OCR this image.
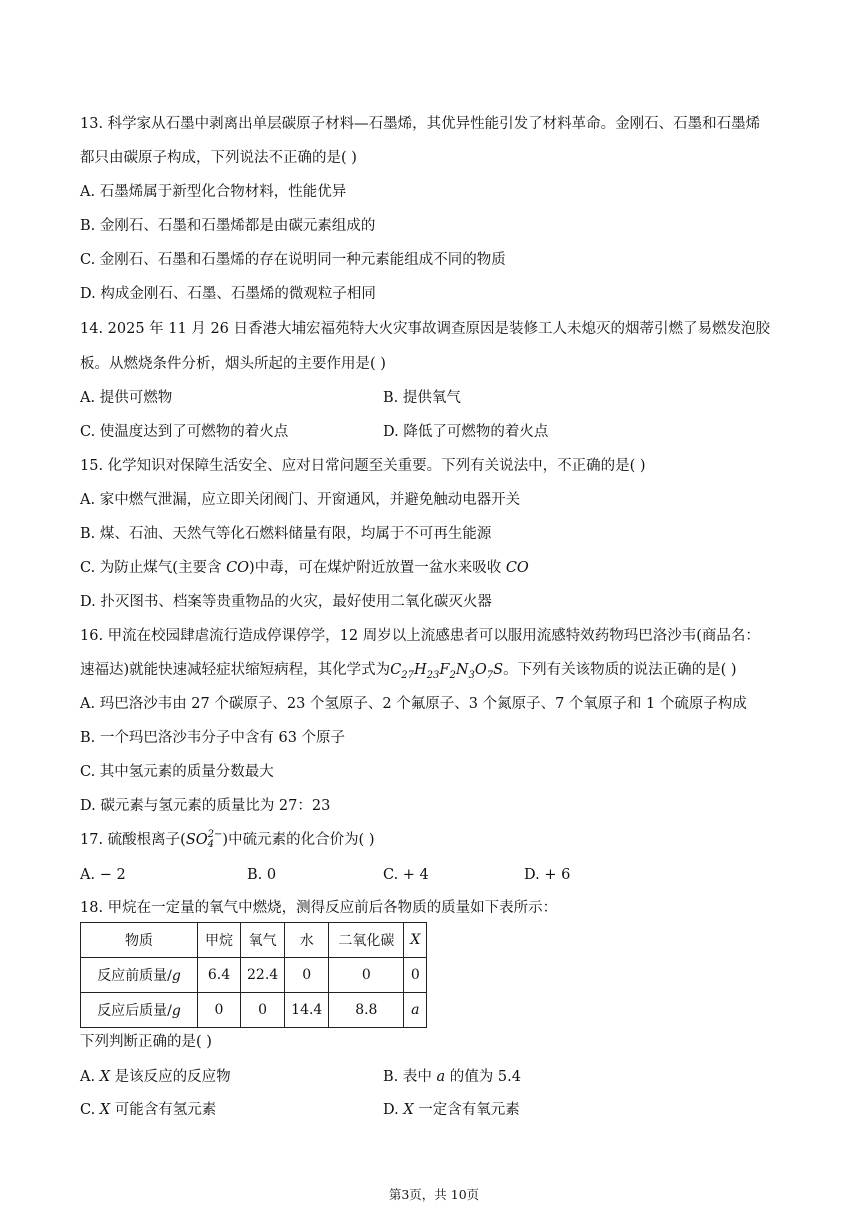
13. 科学家从石墨中剥离出单层碳原子材料—石墨烯，其优异性能引发了材料革命。金刚石、石墨和石墨烯
都只由碳原子构成，下列说法不正确的是( )
A. 石墨烯属于新型化合物材料，性能优异
B. 金刚石、石墨和石墨烯都是由碳元素组成的
C. 金刚石、石墨和石墨烯的存在说明同一种元素能组成不同的物质
D. 构成金刚石、石墨、石墨烯的微观粒子相同
14. 2025 年 11 月 26 日香港大埔宏福苑特大火灾事故调查原因是装修工人未熄灭的烟蒂引燃了易燃发泡胶
板。从燃烧条件分析，烟头所起的主要作用是( )
A. 提供可燃物	B. 提供氧气
C. 使温度达到了可燃物的着火点	D. 降低了可燃物的着火点
15. 化学知识对保障生活安全、应对日常问题至关重要。下列有关说法中，不正确的是( )
A. 家中燃气泄漏，应立即关闭阀门、开窗通风，并避免触动电器开关
B. 煤、石油、天然气等化石燃料储量有限，均属于不可再生能源
C. 为防止煤气(主要含 CO)中毒，可在煤炉附近放置一盆水来吸收 CO
D. 扑灭图书、档案等贵重物品的火灾，最好使用二氧化碳灭火器
16. 甲流在校园肆虐流行造成停课停学，12 周岁以上流感患者可以服用流感特效药物玛巴洛沙韦(商品名：
速福达)就能快速减轻症状缩短病程，其化学式为$C_{27}H_{23}F_2N_3O_7S$。下列有关该物质的说法正确的是( )
A. 玛巴洛沙韦由 27 个碳原子、23 个氢原子、2 个氟原子、3 个氮原子、7 个氧原子和 1 个硫原子构成
B. 一个玛巴洛沙韦分子中含有 63 个原子
C. 其中氢元素的质量分数最大
D. 碳元素与氢元素的质量比为 27：23
17. 硫酸根离子(SO 2−
4 )中硫元素的化合价为( )
A. − 2	B. 0	C. + 4	D. + 6
18. 甲烷在一定量的氧气中燃烧，测得反应前后各物质的质量如下表所示：
物质	甲烷	氧气	水	二氧化碳	X
反应前质量/g	6.4	22.4	0	0	0
反应后质量/g	0	0	14.4	8.8	a
下列判断正确的是( )
A. X 是该反应的反应物	B. 表中 a 的值为 5.4
C. X 可能含有氢元素	D. X 一定含有氧元素
第3页，共 10页
